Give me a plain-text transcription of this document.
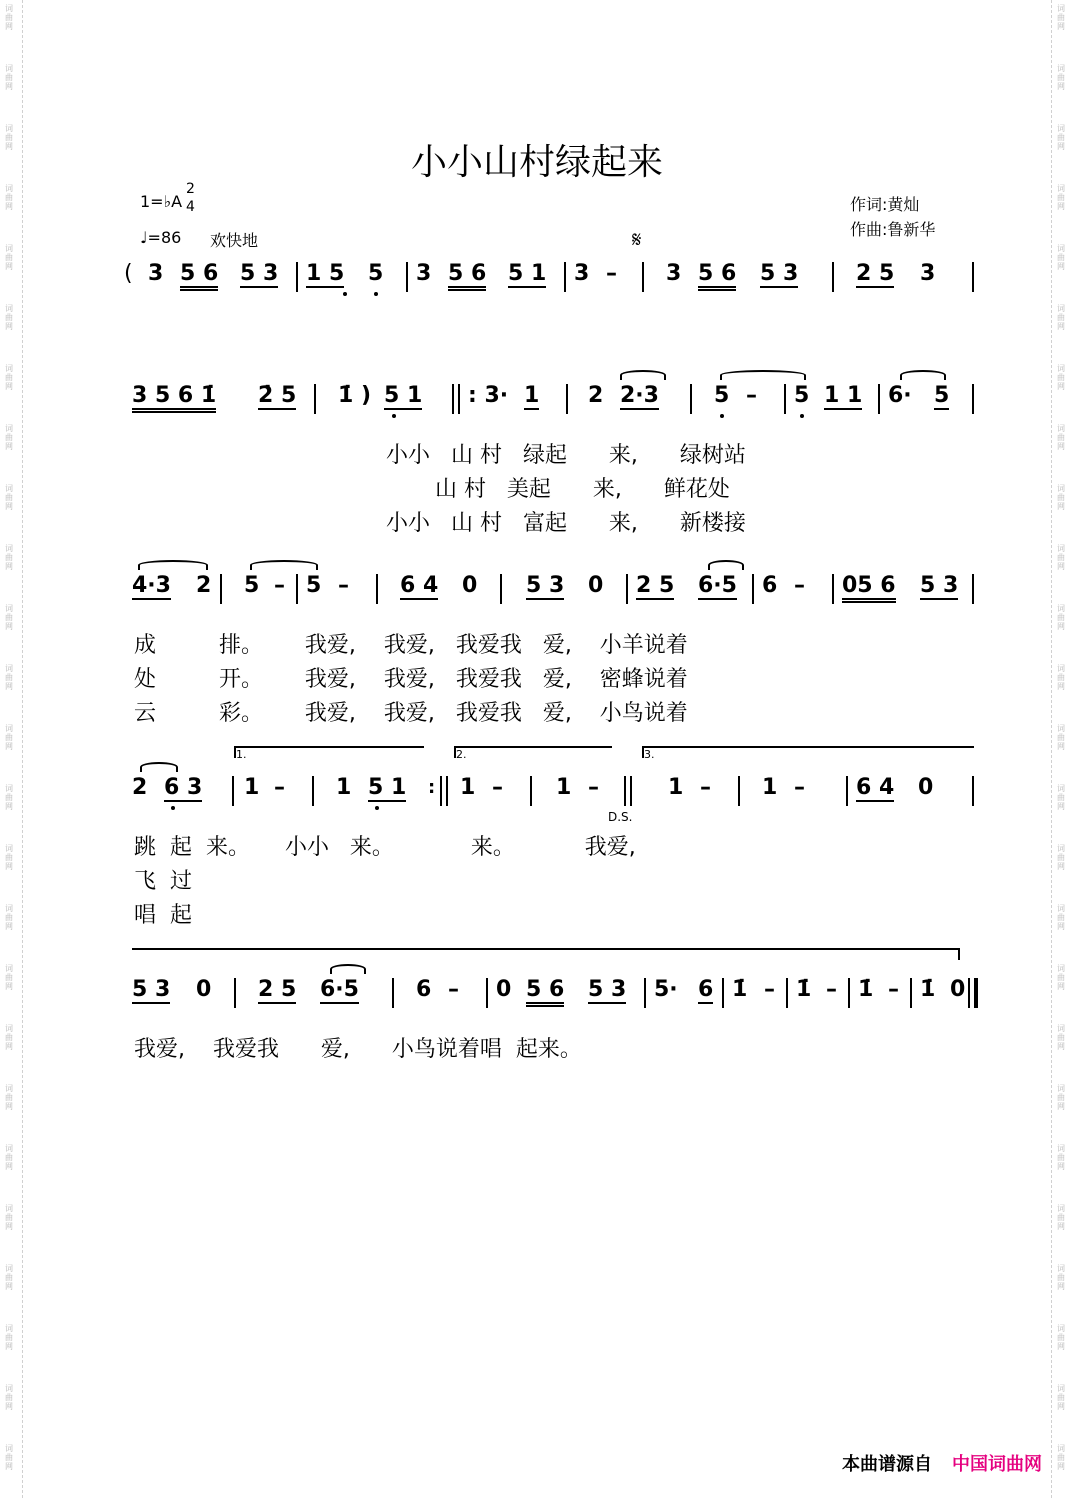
词
曲
网
词
曲
网
词
曲
网
词
曲
网
词
曲
网
词
曲
网
词
曲
网
词
曲
网
词
曲
网
词
曲
网
词
曲
网
词
曲
网
词
曲
网
词
曲
网
词
曲
网
词
曲
网
词
曲
网
词
曲
网
词
曲
网
词
曲
网
词
曲
网
词
曲
网
词
曲
网
词
曲
网
词
曲
网
词
曲
网
词
曲
网
词
曲
网
词
曲
网
词
曲
网
词
曲
网
词
曲
网
词
曲
网
词
曲
网
词
曲
网
词
曲
网
词
曲
网
词
曲
网
词
曲
网
词
曲
网
词
曲
网
词
曲
网
词
曲
网
词
曲
网
词
曲
网
词
曲
网
词
曲
网
词
曲
网
词
曲
网
词
曲
网
小小山村绿起来
1=♭A
2
4
♩=86 欢快地
作词:黄灿
作曲:鲁新华
𝄋
( 3 5 6 5 3 1 5 5 3 5 6 5 1 3 – 3 5 6 5 3	2 5 3
3 5 6 1̇ 2̇ 5 1̇ ) 5 1 : 3· 1 2 2·3	5 – 5 1 1 6· 5
小小   山 村   绿起      来,      绿树站
山 村   美起      来,      鲜花处
小小   山 村   富起      来,      新楼接
4·3 2 5 – 5 – 6 4 0 5 3 0 2 5 6·5 6 – 05 6 5 3
成         排。      我爱,    我爱,   我爱我   爱,    小羊说着
处         开。      我爱,    我爱,   我爱我   爱,    密蜂说着
云         彩。      我爱,    我爱,   我爱我   爱,    小鸟说着
1.	2.	3.
2 6 3 1 – 1 5 1 : 1 – 1 –	1 – 1 – 6 4 0
D.S.
跳  起  来。     小小   来。           来。          我爱,
飞  过
唱  起
5 3 0 2 5 6·5	6 – 0 5 6 5 3 5· 6 1̇ – 1̇ – 1̇ – 1̇ 0
我爱,    我爱我      爱,      小鸟说着唱  起来。
本曲谱源自 中国词曲网
